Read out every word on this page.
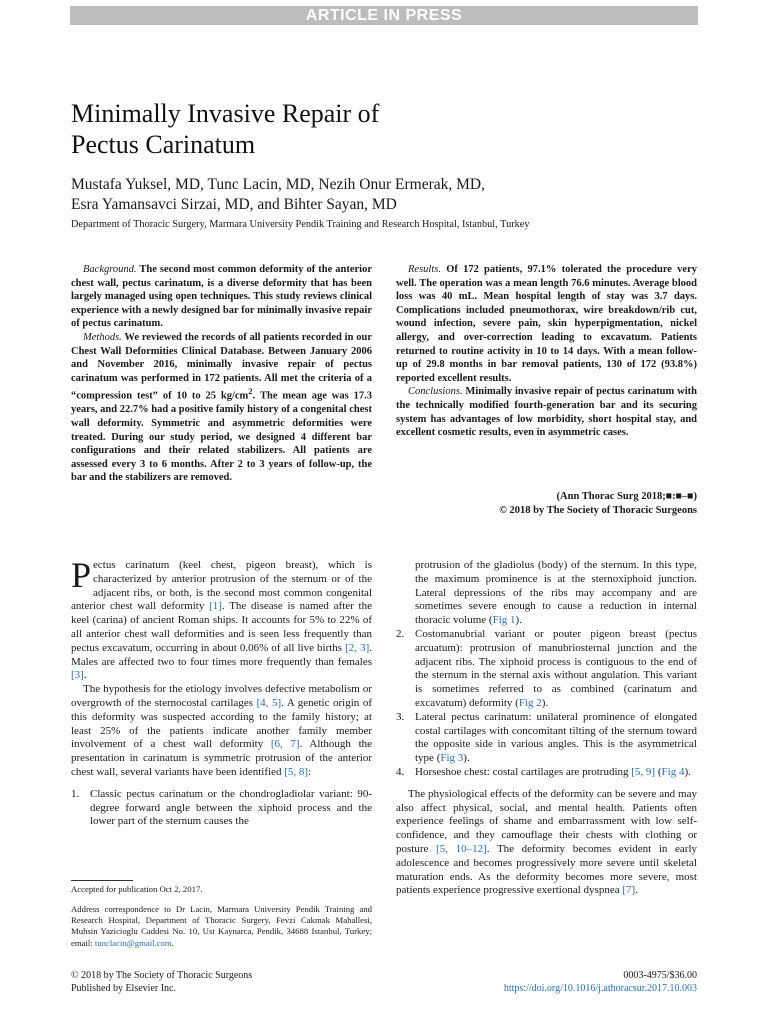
ARTICLE IN PRESS
Minimally Invasive Repair of
Pectus Carinatum
Mustafa Yuksel, MD, Tunc Lacin, MD, Nezih Onur Ermerak, MD,
Esra Yamansavci Sirzai, MD, and Bihter Sayan, MD
Department of Thoracic Surgery, Marmara University Pendik Training and Research Hospital, Istanbul, Turkey

Background. The second most common deformity of the anterior chest wall, pectus carinatum, is a diverse deformity that has been largely managed using open techniques. This study reviews clinical experience with a newly designed bar for minimally invasive repair of pectus carinatum.

Methods. We reviewed the records of all patients recorded in our Chest Wall Deformities Clinical Database. Between January 2006 and November 2016, minimally invasive repair of pectus carinatum was performed in 172 patients. All met the criteria of a “compression test” of 10 to 25 $kg/cm^2$. The mean age was 17.3 years, and 22.7% had a positive family history of a congenital chest wall deformity. Symmetric and asymmetric deformities were treated. During our study period, we designed 4 different bar configurations and their related stabilizers. All patients are assessed every 3 to 6 months. After 2 to 3 years of follow-up, the bar and the stabilizers are removed.

Results. Of 172 patients, 97.1% tolerated the procedure very well. The operation was a mean length 76.6 minutes. Average blood loss was 40 mL. Mean hospital length of stay was 3.7 days. Complications included pneumothorax, wire breakdown/rib cut, wound infection, severe pain, skin hyperpigmentation, nickel allergy, and over-correction leading to excavatum. Patients returned to routine activity in 10 to 14 days. With a mean follow-up of 29.8 months in bar removal patients, 130 of 172 (93.8%) reported excellent results.

Conclusions. Minimally invasive repair of pectus carinatum with the technically modified fourth-generation bar and its securing system has advantages of low morbidity, short hospital stay, and excellent cosmetic results, even in asymmetric cases.

(Ann Thorac Surg 2018;■:■–■)
© 2018 by The Society of Thoracic Surgeons

Pectus carinatum (keel chest, pigeon breast), which is characterized by anterior protrusion of the sternum or of the adjacent ribs, or both, is the second most common congenital anterior chest wall deformity [1]. The disease is named after the keel (carina) of ancient Roman ships. It accounts for 5% to 22% of all anterior chest wall deformities and is seen less frequently than pectus excavatum, occurring in about 0.06% of all live births [2, 3]. Males are affected two to four times more frequently than females [3].

The hypothesis for the etiology involves defective metabolism or overgrowth of the sternocostal cartilages [4, 5]. A genetic origin of this deformity was suspected according to the family history; at least 25% of the patients indicate another family member involvement of a chest wall deformity [6, 7]. Although the presentation in carinatum is symmetric protrusion of the anterior chest wall, several variants have been identified [5, 8]:

1. Classic pectus carinatum or the chondrogladiolar variant: 90-degree forward angle between the xiphoid process and the lower part of the sternum causes the

protrusion of the gladiolus (body) of the sternum. In this type, the maximum prominence is at the sternoxiphoid junction. Lateral depressions of the ribs may accompany and are sometimes severe enough to cause a reduction in internal thoracic volume (Fig 1).

2. Costomanubrial variant or pouter pigeon breast (pectus arcuatum): protrusion of manubriosternal junction and the adjacent ribs. The xiphoid process is contiguous to the end of the sternum in the sternal axis without angulation. This variant is sometimes referred to as combined (carinatum and excavatum) deformity (Fig 2).

3. Lateral pectus carinatum: unilateral prominence of elongated costal cartilages with concomitant tilting of the sternum toward the opposite side in various angles. This is the asymmetrical type (Fig 3).

4. Horseshoe chest: costal cartilages are protruding [5, 9] (Fig 4).

The physiological effects of the deformity can be severe and may also affect physical, social, and mental health. Patients often experience feelings of shame and embarrassment with low self-confidence, and they camouflage their chests with clothing or posture [5, 10–12]. The deformity becomes evident in early adolescence and becomes progressively more severe until skeletal maturation ends. As the deformity becomes more severe, most patients experience progressive exertional dyspnea [7].

Accepted for publication Oct 2, 2017.
Address correspondence to Dr Lacin, Marmara University Pendik Training and Research Hospital, Department of Thoracic Surgery, Fevzi Cakmak Mahallesi, Muhsin Yazicioglu Caddesi No. 10, Ust Kaynarca, Pendik, 34688 Istanbul, Turkey; email: tunclacin@gmail.com.
© 2018 by The Society of Thoracic Surgeons
Published by Elsevier Inc.
0003-4975/$36.00
https://doi.org/10.1016/j.athoracsur.2017.10.003
